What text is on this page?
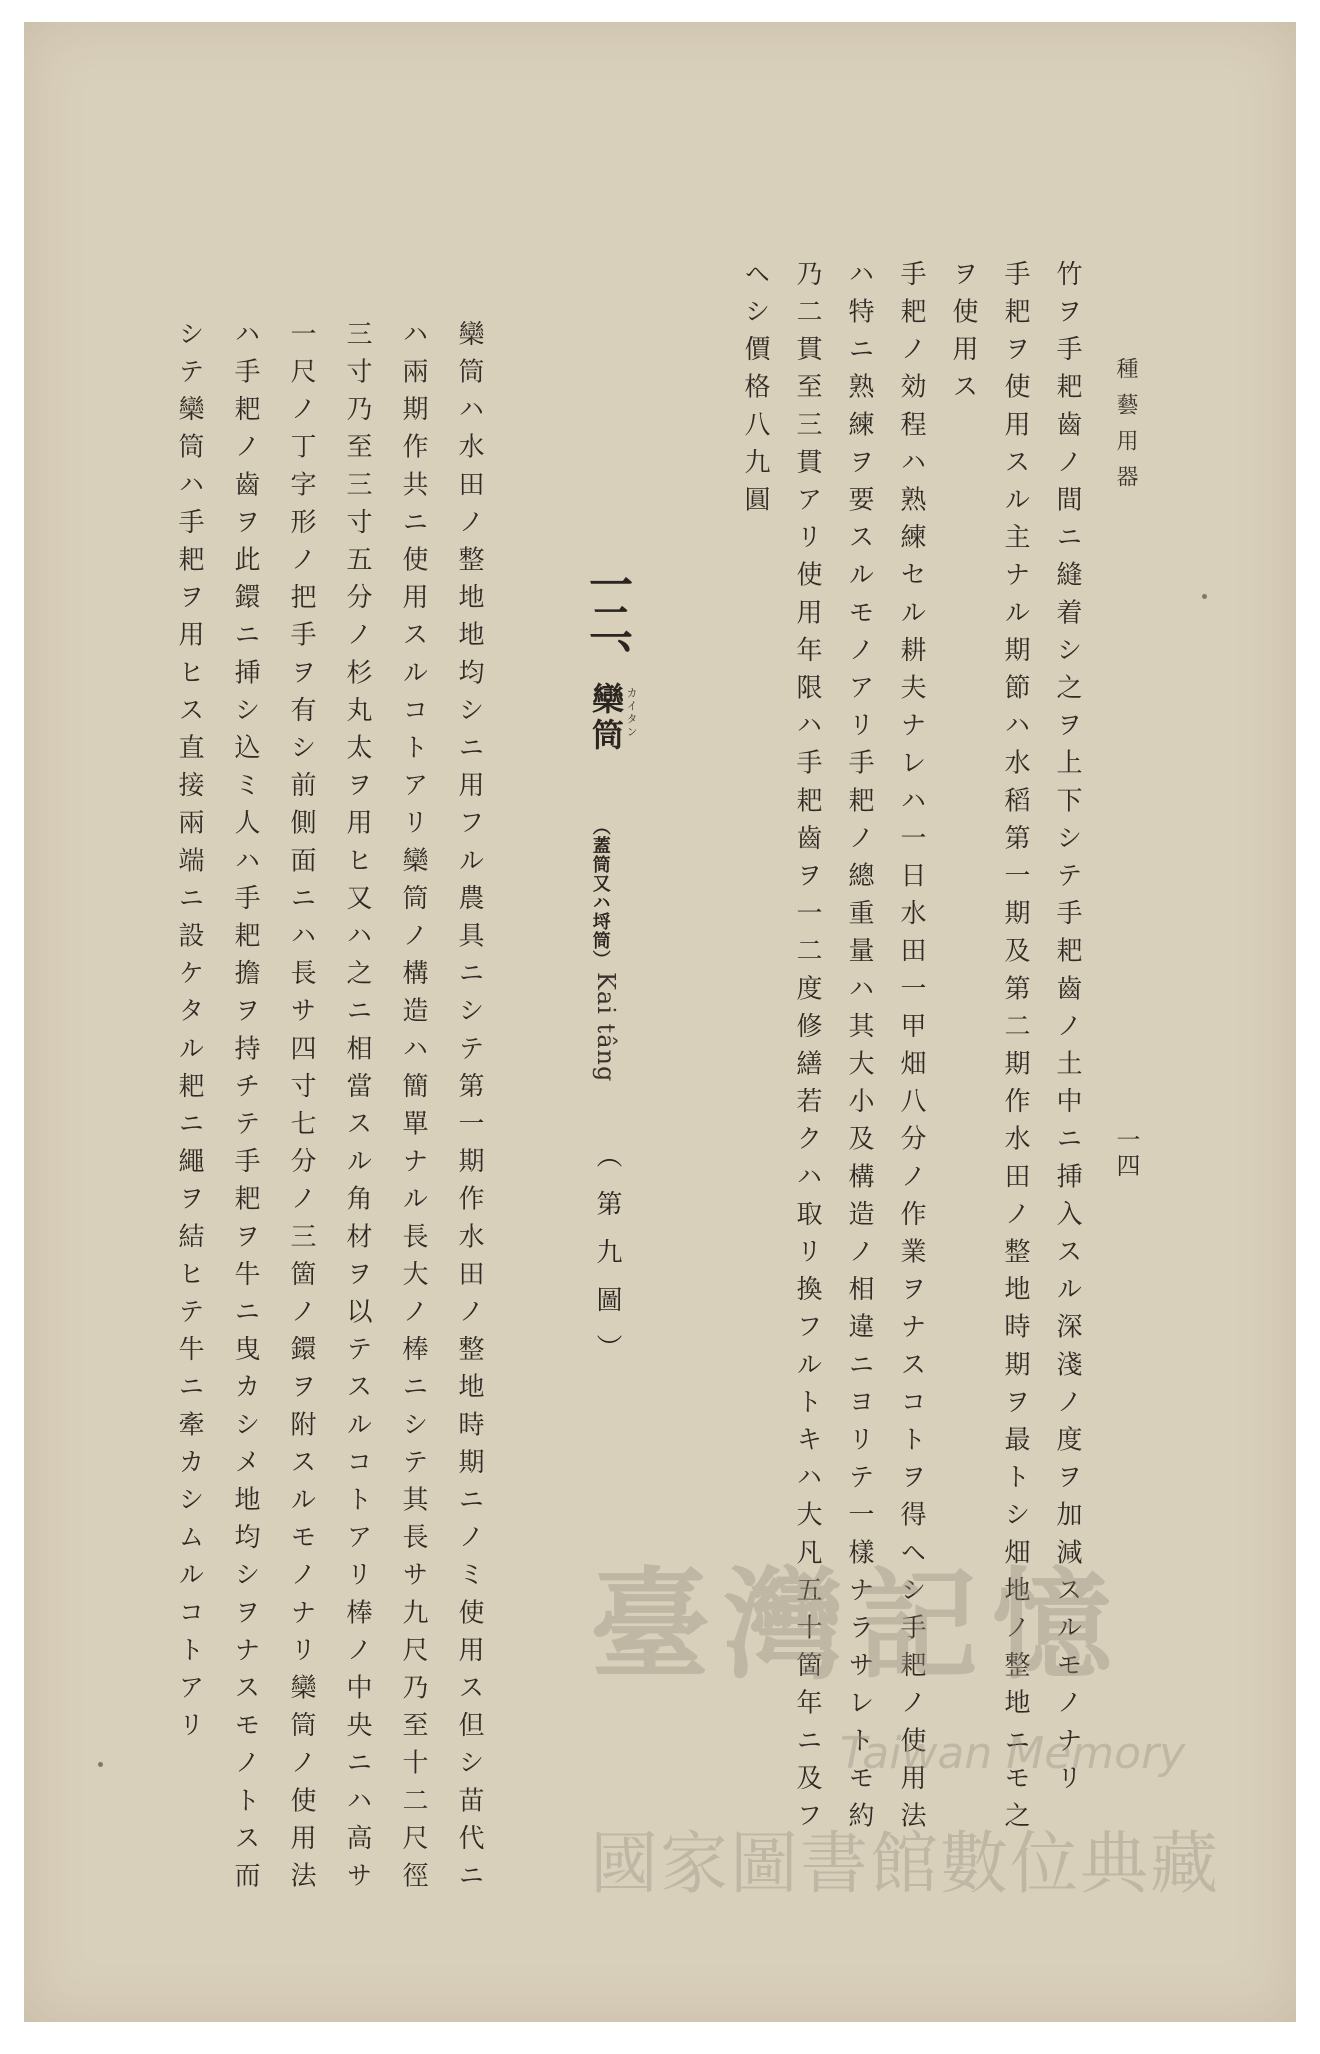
種藝用器
一四
竹ヲ手耙齒ノ間ニ縫着シ之ヲ上下シテ手耙齒ノ土中ニ挿入スル深淺ノ度ヲ加減スルモノナリ
手耙ヲ使用スル主ナル期節ハ水稻第一期及第二期作水田ノ整地時期ヲ最トシ畑地ノ整地ニモ之
ヲ使用ス
手耙ノ効程ハ熟練セル耕夫ナレハ一日水田一甲畑八分ノ作業ヲナスコトヲ得ヘシ手耙ノ使用法
ハ特ニ熟練ヲ要スルモノアリ手耙ノ總重量ハ其大小及構造ノ相違ニヨリテ一樣ナラサレトモ約
乃二貫至三貫アリ使用年限ハ手耙齒ヲ一二度修繕若クハ取リ換フルトキハ大凡五十箇年ニ及フ
ヘシ價格八九圓
一二、
カイタン
欒筒
（蓋筒又ハ埒筒）
Kai tâng
（第九圖）
欒筒ハ水田ノ整地地均シニ用フル農具ニシテ第一期作水田ノ整地時期ニノミ使用ス但シ苗代ニ
ハ兩期作共ニ使用スルコトアリ欒筒ノ構造ハ簡單ナル長大ノ棒ニシテ其長サ九尺乃至十二尺徑
三寸乃至三寸五分ノ杉丸太ヲ用ヒ又ハ之ニ相當スル角材ヲ以テスルコトアリ棒ノ中央ニハ高サ
一尺ノ丁字形ノ把手ヲ有シ前側面ニハ長サ四寸七分ノ三箇ノ鐶ヲ附スルモノナリ欒筒ノ使用法
ハ手耙ノ齒ヲ此鐶ニ挿シ込ミ人ハ手耙擔ヲ持チテ手耙ヲ牛ニ曳カシメ地均シヲナスモノトス而
シテ欒筒ハ手耙ヲ用ヒス直接兩端ニ設ケタル耙ニ繩ヲ結ヒテ牛ニ牽カシムルコトアリ	臺灣記憶
Taiwan Memory
國家圖書館數位典藏
